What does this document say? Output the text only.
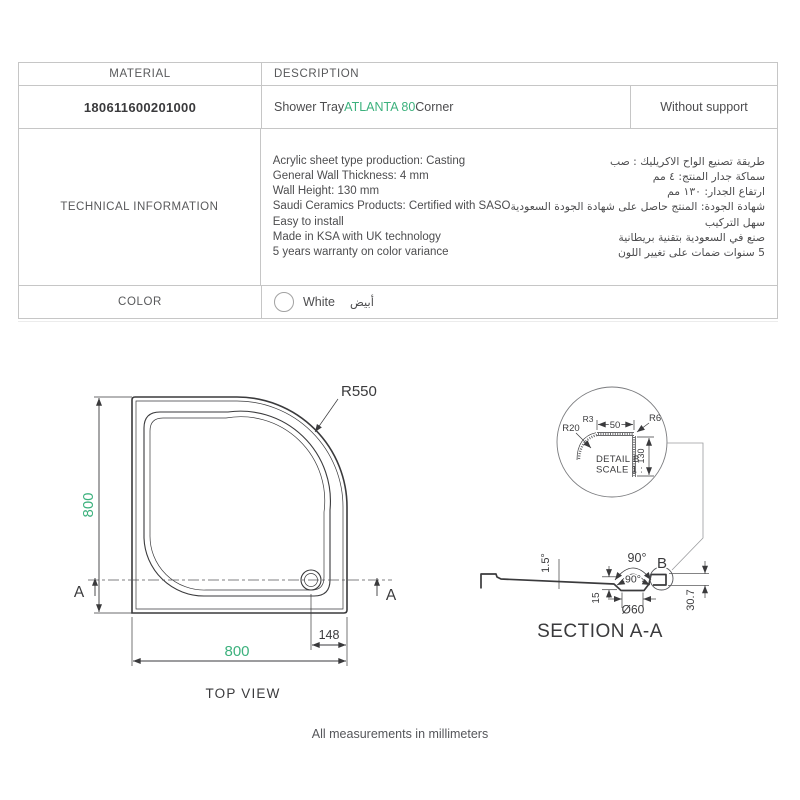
MATERIAL	DESCRIPTION
180611600201000	Shower Tray ATLANTA 80 Corner	Without support
TECHNICAL INFORMATION
Acrylic sheet type production: Casting
General Wall Thickness: 4 mm
Wall Height: 130 mm
Saudi Ceramics Products: Certified with SASO
Easy to install
Made in KSA with UK technology
5 years warranty on color variance
طريقة تصنيع الواح الاكريليك : صب
سماكة جدار المنتج: ٤ مم
ارتفاع الجدار: ١٣٠ مم
شهادة الجودة: المنتج حاصل على شهادة الجودة السعودية
سهل التركيب
صنع في السعودية بتقنية بريطانية
5 سنوات ضمات على تغيير اللون
COLOR	White أبيض
A	A
800
800
148
R550
TOP VIEW
50
R20
R3	R6
130
DETAIL B
SCALE 1 :
1.5°	90°
90°
15
Ø60	30.7
B
SECTION A-A
All measurements in millimeters
